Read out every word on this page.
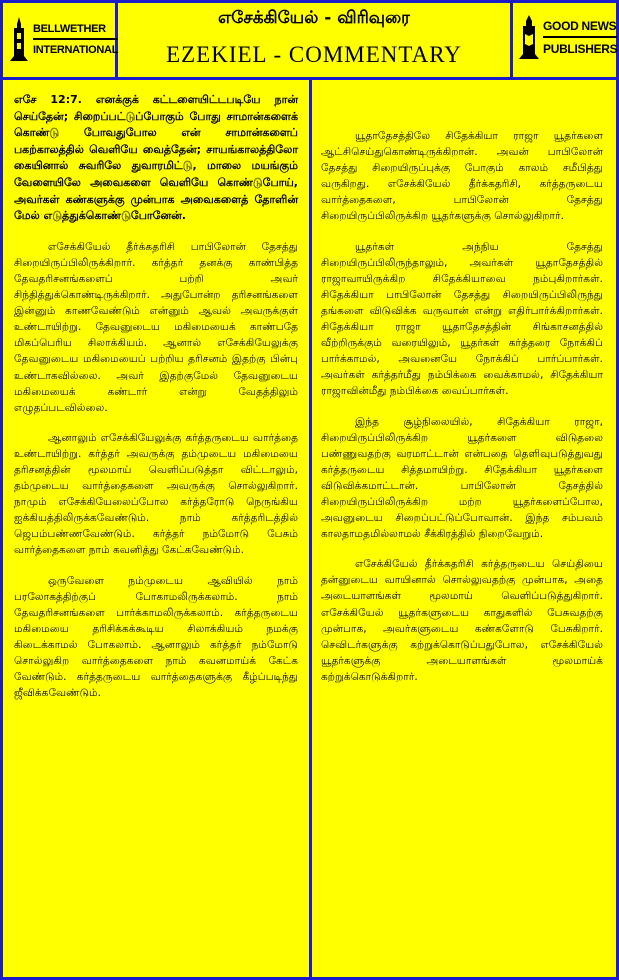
BELLWETHER
INTERNATIONAL
எசேக்கியேல் - விரிவுரை
EZEKIEL - COMMENTARY
GOOD NEWS
PUBLISHERS

எசே 12:7. எனக்குக் கட்டளையிட்டபடியே நான் செய்தேன்; சிறைப்பட்டுப்போகும் போது சாமான்களைக் கொண்டு போவதுபோல என் சாமான்களைப் பகற்காலத்தில் வெளியே வைத்தேன்; சாயங்காலத்திலோ கையினால் சுவரிலே துவாரமிட்டு, மாலை மயங்கும் வேளையிலே அவைகளை வெளியே கொண்டுபோய், அவர்கள் கண்களுக்கு முன்பாக அவைகளைத் தோளின் மேல் எடுத்துக்கொண்டுபோனேன்.

எசேக்கியேல் தீர்க்கதரிசி பாபிலோன் தேசத்து சிறையிருப்பிலிருக்கிறார். கர்த்தர் தனக்கு காண்பித்த தேவதரிசனங்களைப் பற்றி அவர் சிந்தித்துக்கொண்டிருக்கிறார். அதுபோன்ற தரிசனங்களை இன்னும் காணவேண்டும் என்னும் ஆவல் அவருக்குள் உண்டாயிற்று. தேவனுடைய மகிமையைக் காண்பதே மிகப்பெரிய சிலாக்கியம். ஆனால் எசேக்கியேலுக்கு தேவனுடைய மகிமையைப் பற்றிய தரிசனம் இதற்கு பின்பு உண்டாகவில்லை. அவர் இதற்குமேல் தேவனுடைய மகிமையைக் கண்டார் என்று வேதத்திலும் எழுதப்படவில்லை.

ஆனாலும் எசேக்கியேலுக்கு கர்த்தருடைய வார்த்தை உண்டாயிற்று. கர்த்தர் அவருக்கு தம்முடைய மகிமையை தரிசனத்தின் மூலமாய் வெளிப்படுத்தா விட்டாலும், தம்முடைய வார்த்தைகளை அவருக்கு சொல்லுகிறார். நாமும் எசேக்கியேலைப்போல கர்த்தரோடு நெருங்கிய ஐக்கியத்திலிருக்கவேண்டும். நாம் கர்த்தரிடத்தில் ஜெபம்பண்ணவேண்டும். கர்த்தர் நம்மோடு பேசும் வார்த்தைகளை நாம் கவனித்து கேட்கவேண்டும்.

ஒருவேளை நம்முடைய ஆவியில் நாம் பரலோகத்திற்குப் போகாமலிருக்கலாம். நாம் தேவதரிசனங்களை பார்க்காமலிருக்கலாம். கர்த்தருடைய மகிமையை தரிசிக்கக்கூடிய சிலாக்கியம் நமக்கு கிடைக்காமல் போகலாம். ஆனாலும் கர்த்தர் நம்மோடு சொல்லுகிற வார்த்தைகளை நாம் கவனமாய்க் கேட்க வேண்டும். கர்த்தருடைய வார்த்தைகளுக்கு கீழ்ப்படிந்து ஜீவிக்கவேண்டும்.

யூதாதேசத்திலே சிதேக்கியா ராஜா யூதர்களை ஆட்சிசெய்துகொண்டிருக்கிறான். அவன் பாபிலோன் தேசத்து சிறையிருப்புக்கு போகும் காலம் சமீபித்து வருகிறது. எசேக்கியேல் தீர்க்கதரிசி, கர்த்தருடைய வார்த்தைகளை, பாபிலோன் தேசத்து சிறையிருப்பிலிருக்கிற யூதர்களுக்கு சொல்லுகிறார்.

யூதர்கள் அந்நிய தேசத்து சிறையிருப்பிலிருந்தாலும், அவர்கள் யூதாதேசத்தில் ராஜாவாயிருக்கிற சிதேக்கியாவை நம்புகிறார்கள். சிதேக்கியா பாபிலோன் தேசத்து சிறையிருப்பிலிருந்து தங்களை விடுவிக்க வருவான் என்று எதிர்பார்க்கிறார்கள். சிதேக்கியா ராஜா யூதாதேசத்தின் சிங்காசனத்தில் வீற்றிருக்கும் வரையிலும், யூதர்கள் கர்த்தரை நோக்கிப் பார்க்காமல், அவனையே நோக்கிப் பார்ப்பார்கள். அவர்கள் கர்த்தர்மீது நம்பிக்கை வைக்காமல், சிதேக்கியா ராஜாவின்மீது நம்பிக்கை வைப்பார்கள்.

இந்த சூழ்நிலையில், சிதேக்கியா ராஜா, சிறையிருப்பிலிருக்கிற யூதர்களை விடுதலை பண்ணுவதற்கு வரமாட்டான் என்பதை தெளிவுபடுத்துவது கர்த்தருடைய சித்தமாயிற்று. சிதேக்கியா யூதர்களை விடுவிக்கமாட்டான். பாபிலோன் தேசத்தில் சிறையிருப்பிலிருக்கிற மற்ற யூதர்களைப்போல, அவனுடைய சிறைப்பட்டுப்போவான். இந்த சம்பவம் காலதாமதமில்லாமல் சீக்கிரத்தில் நிறைவேறும்.

எசேக்கியேல் தீர்க்கதரிசி கர்த்தருடைய செய்தியை தன்னுடைய வாயினால் சொல்லுவதற்கு முன்பாக, அதை அடையாளங்கள் மூலமாய் வெளிப்படுத்துகிறார். எசேக்கியேல் யூதர்களுடைய காதுகளில் பேசுவதற்கு முன்பாக, அவர்களுடைய கண்களோடு பேசுகிறார். செவிடர்களுக்கு கற்றுக்கொடுப்பதுபோல, எசேக்கியேல் யூதர்களுக்கு அடையாளங்கள் மூலமாய்க் கற்றுக்கொடுக்கிறார்.
